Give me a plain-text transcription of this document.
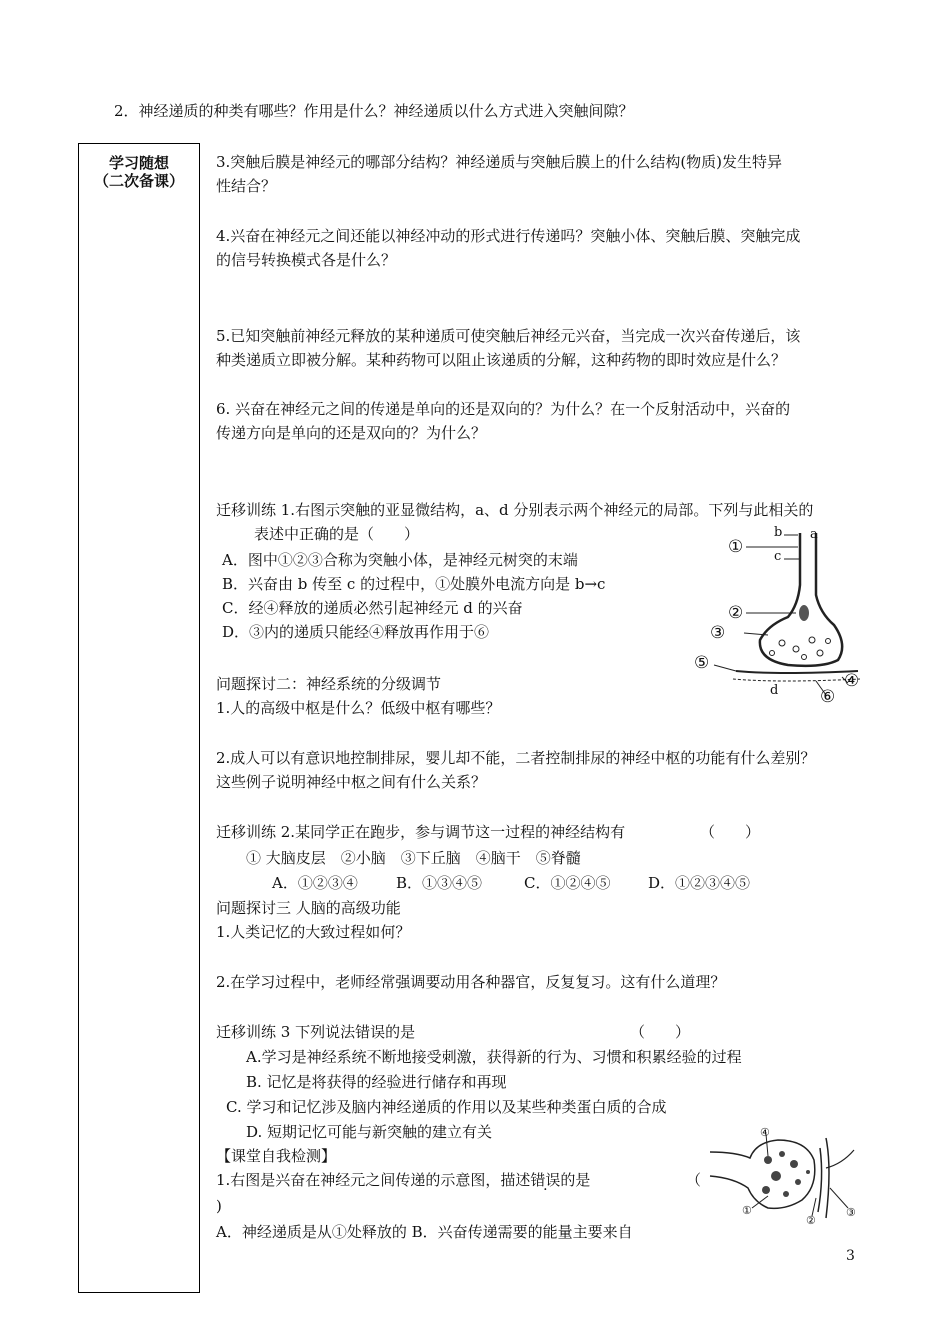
2．神经递质的种类有哪些？作用是什么？神经递质以什么方式进入突触间隙？
学习随想
（二次备课）
3.突触后膜是神经元的哪部分结构？神经递质与突触后膜上的什么结构(物质)发生特异
性结合？
4.兴奋在神经元之间还能以神经冲动的形式进行传递吗？突触小体、突触后膜、突触完成
的信号转换模式各是什么？
5.已知突触前神经元释放的某种递质可使突触后神经元兴奋，当完成一次兴奋传递后，该
种类递质立即被分解。某种药物可以阻止该递质的分解，这种药物的即时效应是什么？
6. 兴奋在神经元之间的传递是单向的还是双向的？为什么？在一个反射活动中，兴奋的
传递方向是单向的还是双向的？为什么？
迁移训练 1.右图示突触的亚显微结构，a、d 分别表示两个神经元的局部。下列与此相关的
表述中正确的是（　　）
A．图中①②③合称为突触小体，是神经元树突的末端
B．兴奋由 b 传至 c 的过程中，①处膜外电流方向是 b→c
C．经④释放的递质必然引起神经元 d 的兴奋
D．③内的递质只能经④释放再作用于⑥
①
b a
c
②
③
⑤
④
d ⑥
问题探讨二：神经系统的分级调节
1.人的高级中枢是什么？低级中枢有哪些？
2.成人可以有意识地控制排尿，婴儿却不能，二者控制排尿的神经中枢的功能有什么差别？
这些例子说明神经中枢之间有什么关系？
迁移训练 2.某同学正在跑步，参与调节这一过程的神经结构有	（　　）
① 大脑皮层　②小脑　③下丘脑　④脑干　⑤脊髓
A．①②③④	B．①③④⑤	C．①②④⑤	D．①②③④⑤
问题探讨三 人脑的高级功能
1.人类记忆的大致过程如何？
2.在学习过程中，老师经常强调要动用各种器官，反复复习。这有什么道理？
迁移训练 3 下列说法错误的是	（　　）
A.学习是神经系统不断地接受刺激，获得新的行为、习惯和积累经验的过程
B. 记忆是将获得的经验进行储存和再现
C. 学习和记忆涉及脑内神经递质的作用以及某些种类蛋白质的合成
D. 短期记忆可能与新突触的建立有关
【课堂自我检测】
1.右图是兴奋在神经元之间传递的示意图，描述错误的是	（
)
A．神经递质是从①处释放的 B．兴奋传递需要的能量主要来自
④
①
②
③
3
